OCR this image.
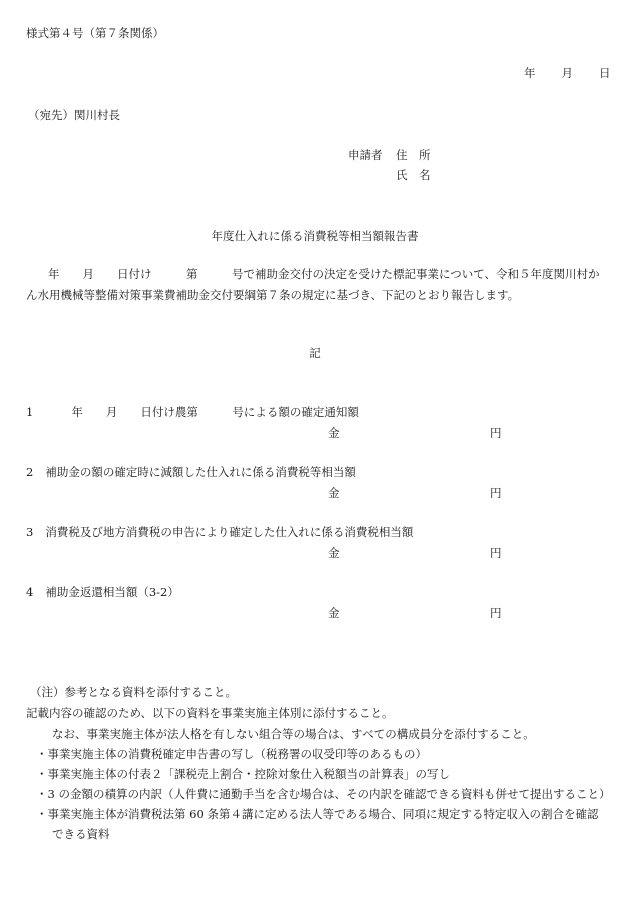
様式第４号（第７条関係）
年 月 日
（宛先）関川村長
申請者 住　所
氏　名
年度仕入れに係る消費税等相当額報告書
年　　月　　日付け　　　第　　　号で補助金交付の決定を受けた標記事業について、令和５年度関川村か
ん水用機械等整備対策事業費補助金交付要綱第７条の規定に基づき、下記のとおり報告します。
記
1	年　　月　　日付け農第　　　号による額の確定通知額
金	円
2 補助金の額の確定時に減額した仕入れに係る消費税等相当額
金	円
3 消費税及び地方消費税の申告により確定した仕入れに係る消費税相当額
金	円
4 補助金返還相当額（3-2）
金	円
（注）参考となる資料を添付すること。
記載内容の確認のため、以下の資料を事業実施主体別に添付すること。
なお、事業実施主体が法人格を有しない組合等の場合は、すべての構成員分を添付すること。
・事業実施主体の消費税確定申告書の写し（税務署の収受印等のあるもの）
・事業実施主体の付表２「課税売上割合・控除対象仕入税額当の計算表」の写し
・3 の金額の積算の内訳（人件費に通勤手当を含む場合は、その内訳を確認できる資料も併せて提出すること）
・事業実施主体が消費税法第 60 条第４講に定める法人等である場合、同項に規定する特定収入の割合を確認
できる資料
